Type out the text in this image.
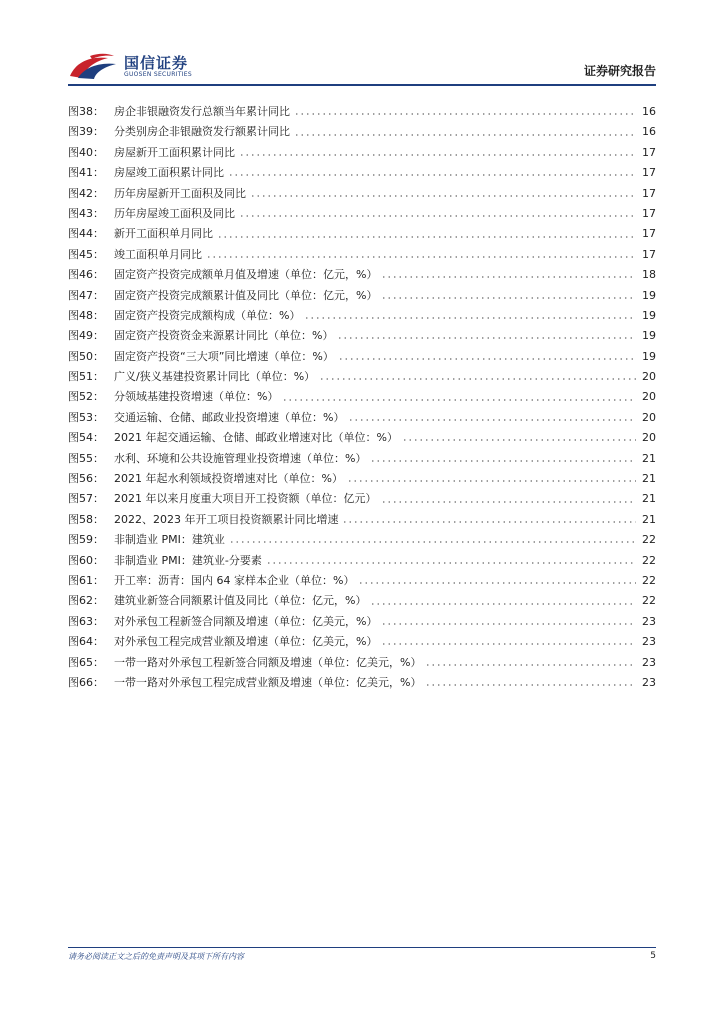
国信证券
GUOSEN SECURITIES	证券研究报告
图38： 房企非银融资发行总额当年累计同比	16
图39： 分类别房企非银融资发行额累计同比	16
图40： 房屋新开工面积累计同比	17
图41： 房屋竣工面积累计同比	17
图42： 历年房屋新开工面积及同比	17
图43： 历年房屋竣工面积及同比	17
图44： 新开工面积单月同比	17
图45： 竣工面积单月同比	17
图46： 固定资产投资完成额单月值及增速（单位：亿元，%）	18
图47： 固定资产投资完成额累计值及同比（单位：亿元，%）	19
图48： 固定资产投资完成额构成（单位：%）	19
图49： 固定资产投资资金来源累计同比（单位：%）	19
图50： 固定资产投资“三大项”同比增速（单位：%）	19
图51： 广义/狭义基建投资累计同比（单位：%）	20
图52： 分领域基建投资增速（单位：%）	20
图53： 交通运输、仓储、邮政业投资增速（单位：%）	20
图54： 2021 年起交通运输、仓储、邮政业增速对比（单位：%）	20
图55： 水利、环境和公共设施管理业投资增速（单位：%）	21
图56： 2021 年起水利领域投资增速对比（单位：%）	21
图57： 2021 年以来月度重大项目开工投资额（单位：亿元）	21
图58： 2022、2023 年开工项目投资额累计同比增速	21
图59： 非制造业 PMI：建筑业	22
图60： 非制造业 PMI：建筑业-分要素	22
图61： 开工率：沥青：国内 64 家样本企业（单位：%）	22
图62： 建筑业新签合同额累计值及同比（单位：亿元，%）	22
图63： 对外承包工程新签合同额及增速（单位：亿美元，%）	23
图64： 对外承包工程完成营业额及增速（单位：亿美元，%）	23
图65： 一带一路对外承包工程新签合同额及增速（单位：亿美元，%）	23
图66： 一带一路对外承包工程完成营业额及增速（单位：亿美元，%）	23
请务必阅读正文之后的免责声明及其项下所有内容	5
